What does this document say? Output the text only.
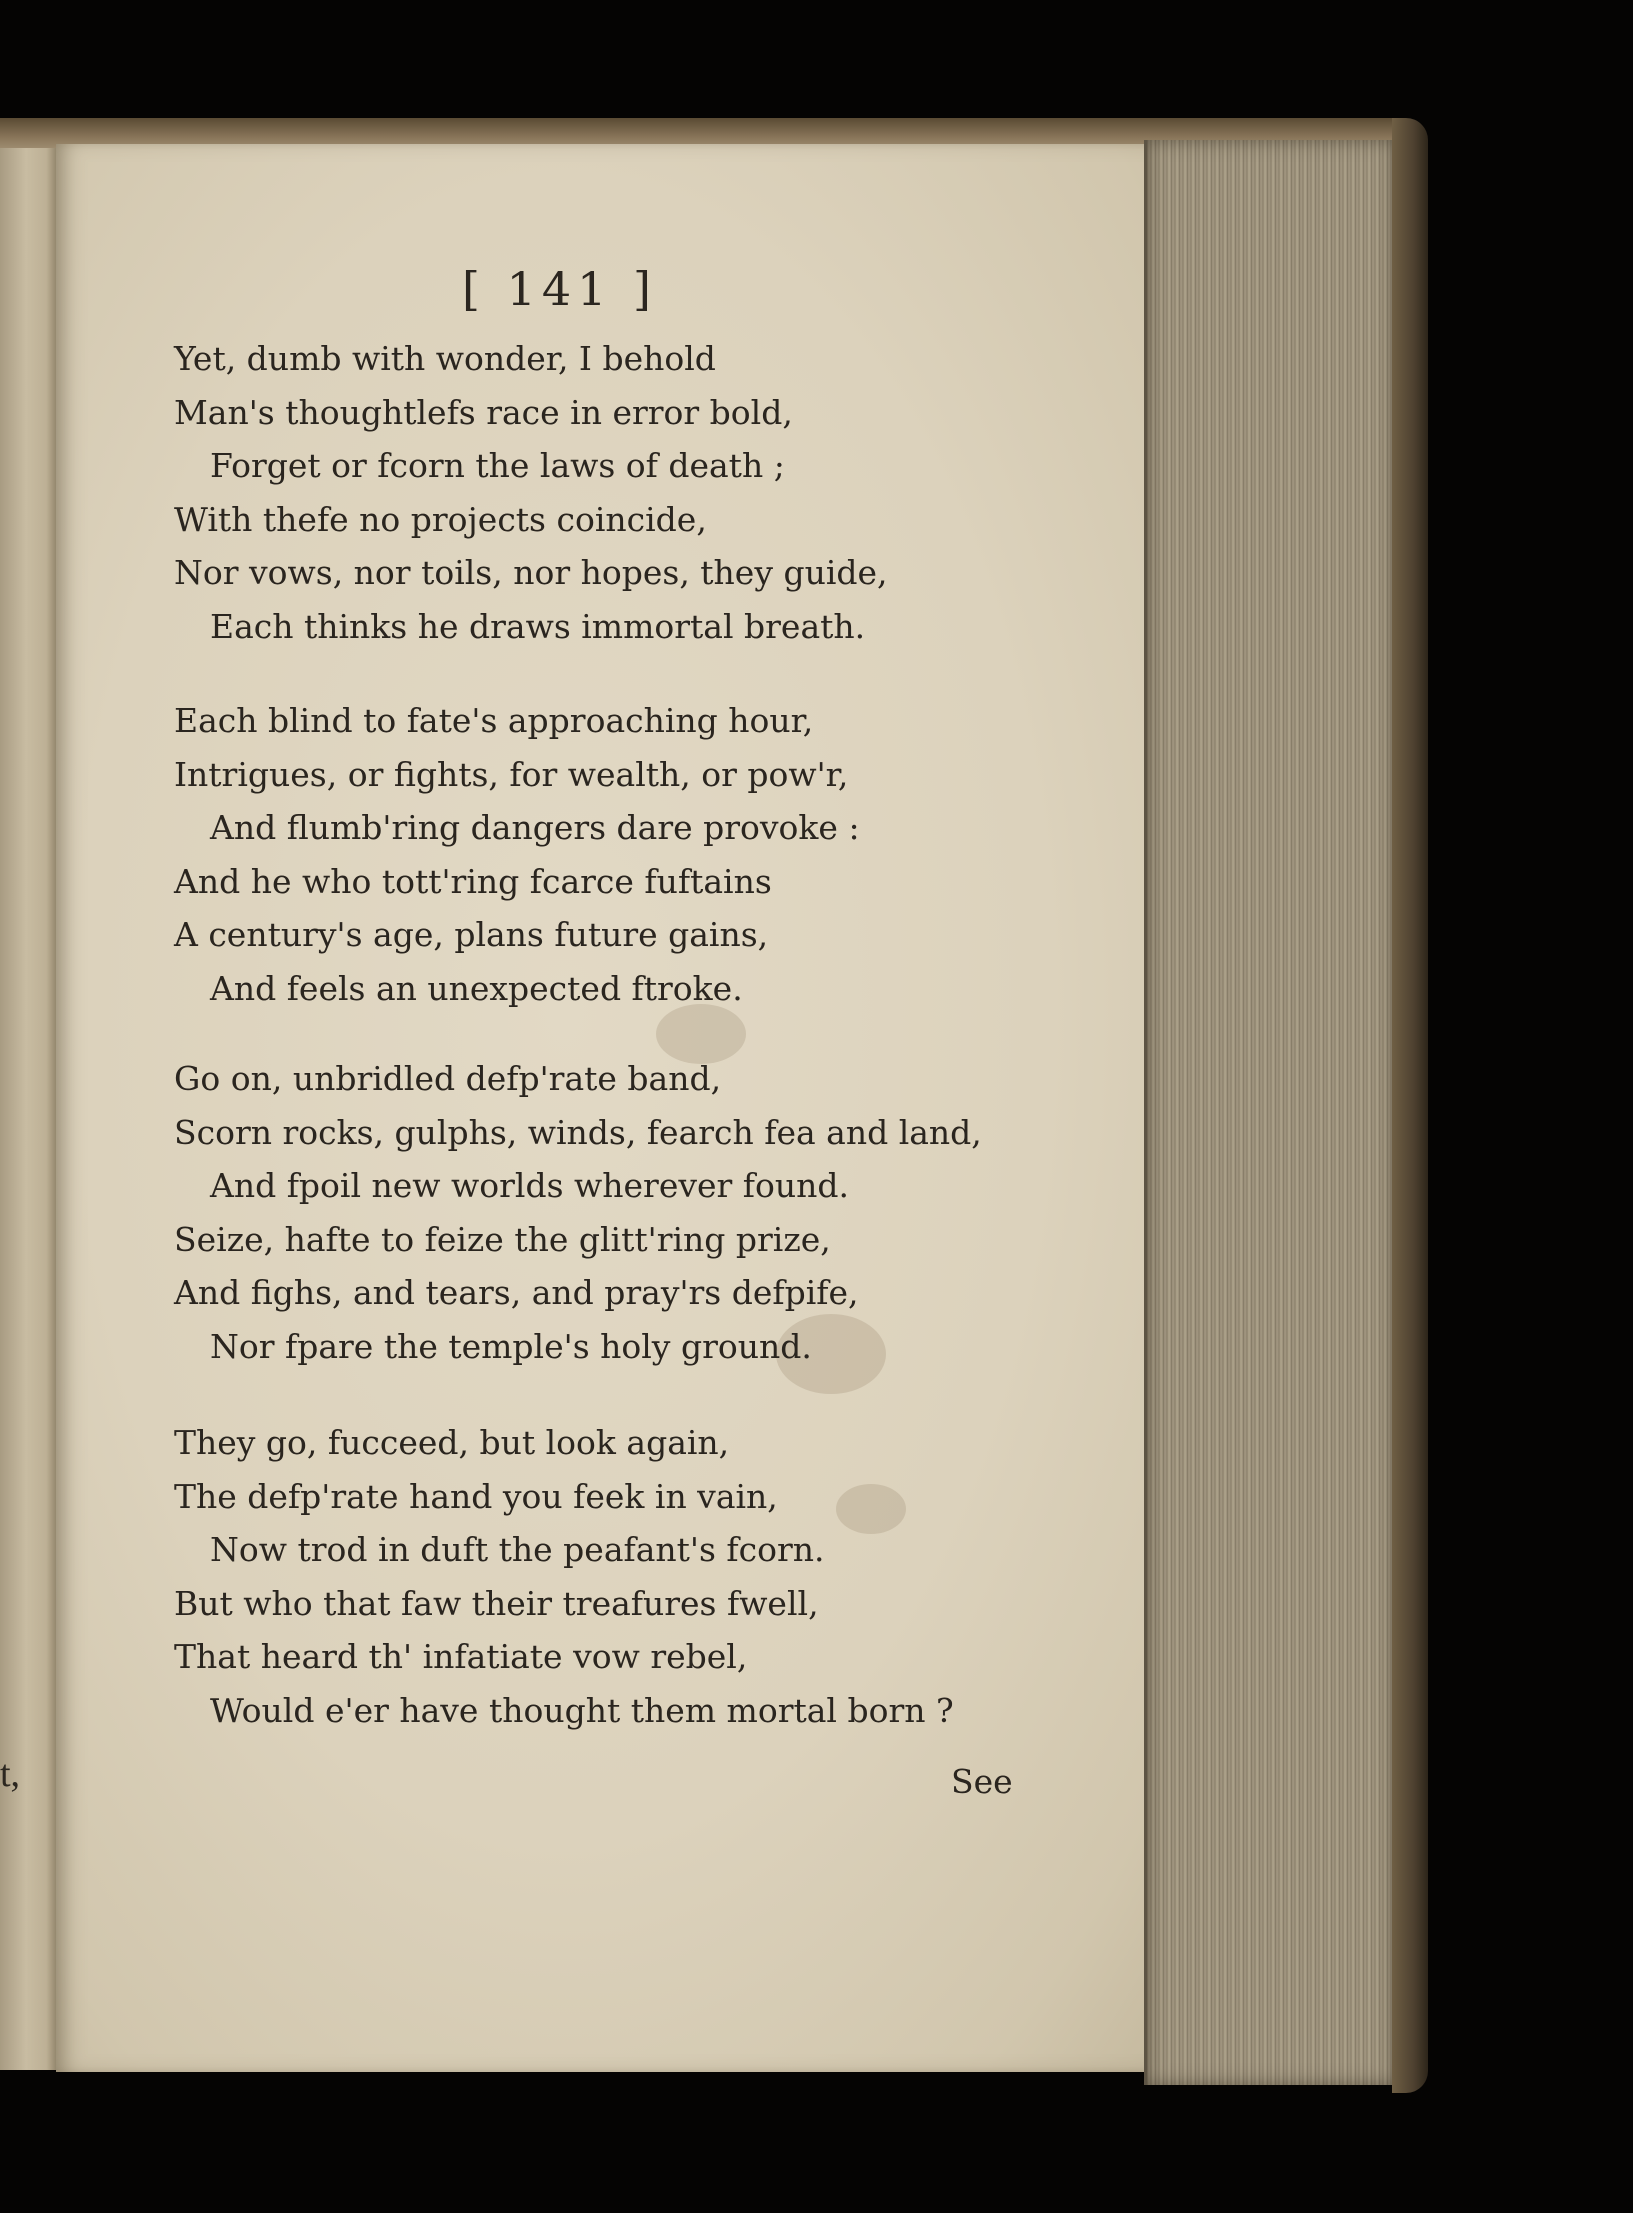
t,
[ 141 ]
Yet, dumb with wonder, I behold
Man's thoughtlefs race in error bold,
Forget or fcorn the laws of death ;
With thefe no projects coincide,
Nor vows, nor toils, nor hopes, they guide,
Each thinks he draws immortal breath.
Each blind to fate's approaching hour,
Intrigues, or fights, for wealth, or pow'r,
And flumb'ring dangers dare provoke :
And he who tott'ring fcarce fuftains
A century's age, plans future gains,
And feels an unexpected ftroke.
Go on, unbridled defp'rate band,
Scorn rocks, gulphs, winds, fearch fea and land,
And fpoil new worlds wherever found.
Seize, hafte to feize the glitt'ring prize,
And fighs, and tears, and pray'rs defpife,
Nor fpare the temple's holy ground.
They go, fucceed, but look again,
The defp'rate hand you feek in vain,
Now trod in duft the peafant's fcorn.
But who that faw their treafures fwell,
That heard th' infatiate vow rebel,
Would e'er have thought them mortal born ?
See
